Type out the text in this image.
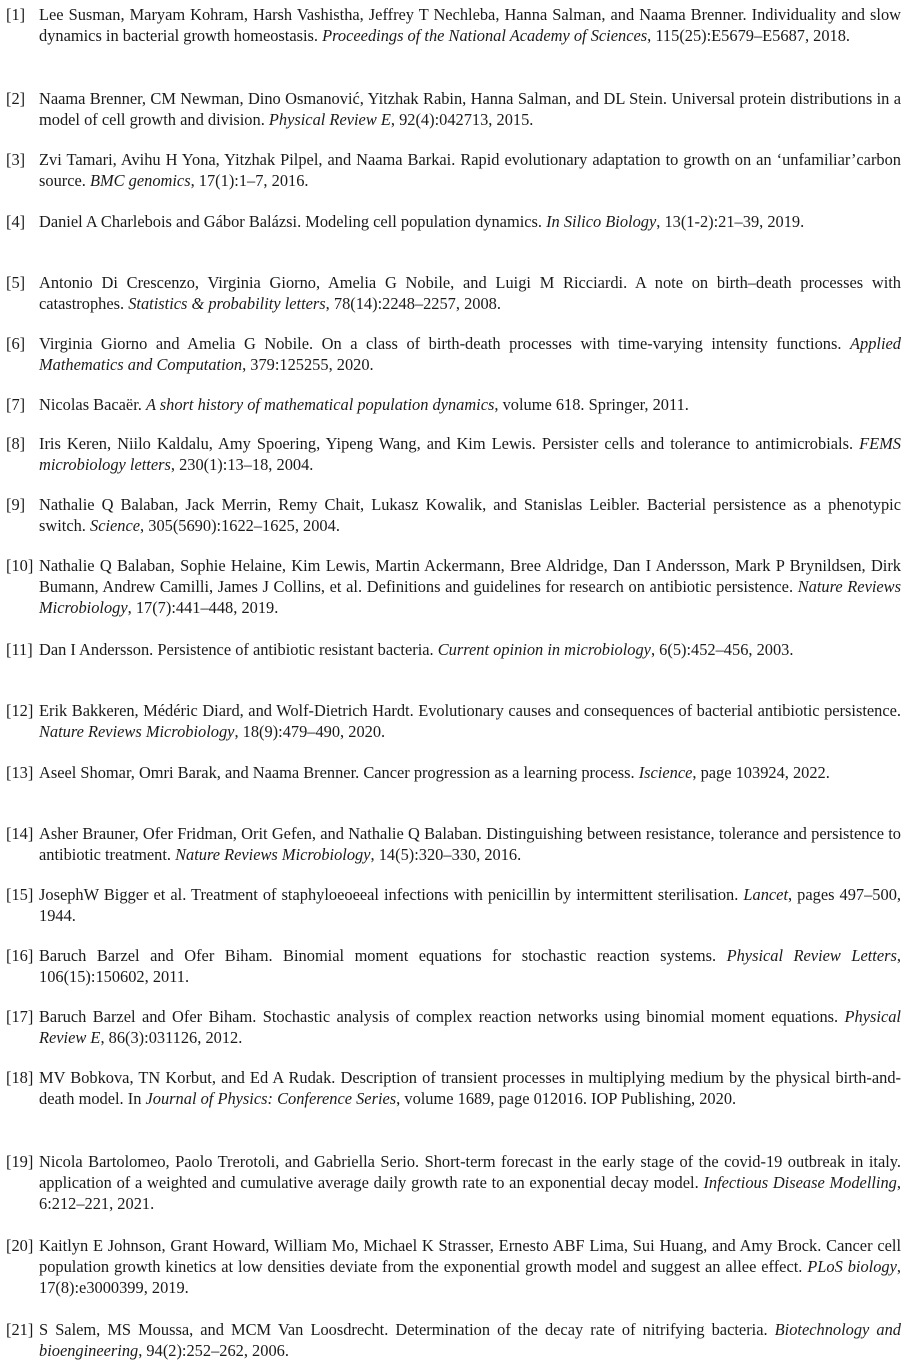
[1] Lee Susman, Maryam Kohram, Harsh Vashistha, Jeffrey T Nechleba, Hanna Salman, and Naama Brenner. Individuality and slow dynamics in bacterial growth homeostasis. Proceedings of the National Academy of Sciences, 115(25):E5679–E5687, 2018.
[2] Naama Brenner, CM Newman, Dino Osmanović, Yitzhak Rabin, Hanna Salman, and DL Stein. Universal protein distributions in a model of cell growth and division. Physical Review E, 92(4):042713, 2015.
[3] Zvi Tamari, Avihu H Yona, Yitzhak Pilpel, and Naama Barkai. Rapid evolutionary adaptation to growth on an ‘unfamiliar’carbon source. BMC genomics, 17(1):1–7, 2016.
[4] Daniel A Charlebois and Gábor Balázsi. Modeling cell population dynamics. In Silico Biology, 13(1-2):21–39, 2019.
[5] Antonio Di Crescenzo, Virginia Giorno, Amelia G Nobile, and Luigi M Ricciardi. A note on birth–death processes with catastrophes. Statistics & probability letters, 78(14):2248–2257, 2008.
[6] Virginia Giorno and Amelia G Nobile. On a class of birth-death processes with time-varying intensity functions. Applied Mathematics and Computation, 379:125255, 2020.
[7] Nicolas Bacaër. A short history of mathematical population dynamics, volume 618. Springer, 2011.
[8] Iris Keren, Niilo Kaldalu, Amy Spoering, Yipeng Wang, and Kim Lewis. Persister cells and tolerance to antimicrobials. FEMS microbiology letters, 230(1):13–18, 2004.
[9] Nathalie Q Balaban, Jack Merrin, Remy Chait, Lukasz Kowalik, and Stanislas Leibler. Bacterial persistence as a phenotypic switch. Science, 305(5690):1622–1625, 2004.
[10] Nathalie Q Balaban, Sophie Helaine, Kim Lewis, Martin Ackermann, Bree Aldridge, Dan I Andersson, Mark P Brynildsen, Dirk Bumann, Andrew Camilli, James J Collins, et al. Definitions and guidelines for research on antibiotic persistence. Nature Reviews Microbiology, 17(7):441–448, 2019.
[11] Dan I Andersson. Persistence of antibiotic resistant bacteria. Current opinion in microbiology, 6(5):452–456, 2003.
[12] Erik Bakkeren, Médéric Diard, and Wolf-Dietrich Hardt. Evolutionary causes and consequences of bacterial antibiotic persistence. Nature Reviews Microbiology, 18(9):479–490, 2020.
[13] Aseel Shomar, Omri Barak, and Naama Brenner. Cancer progression as a learning process. Iscience, page 103924, 2022.
[14] Asher Brauner, Ofer Fridman, Orit Gefen, and Nathalie Q Balaban. Distinguishing between resistance, tolerance and persistence to antibiotic treatment. Nature Reviews Microbiology, 14(5):320–330, 2016.
[15] JosephW Bigger et al. Treatment of staphyloeoeeal infections with penicillin by intermittent sterilisation. Lancet, pages 497–500, 1944.
[16] Baruch Barzel and Ofer Biham. Binomial moment equations for stochastic reaction systems. Physical Review Letters, 106(15):150602, 2011.
[17] Baruch Barzel and Ofer Biham. Stochastic analysis of complex reaction networks using binomial moment equations. Physical Review E, 86(3):031126, 2012.
[18] MV Bobkova, TN Korbut, and Ed A Rudak. Description of transient processes in multiplying medium by the physical birth-and-death model. In Journal of Physics: Conference Series, volume 1689, page 012016. IOP Publishing, 2020.
[19] Nicola Bartolomeo, Paolo Trerotoli, and Gabriella Serio. Short-term forecast in the early stage of the covid-19 outbreak in italy. application of a weighted and cumulative average daily growth rate to an exponential decay model. Infectious Disease Modelling, 6:212–221, 2021.
[20] Kaitlyn E Johnson, Grant Howard, William Mo, Michael K Strasser, Ernesto ABF Lima, Sui Huang, and Amy Brock. Cancer cell population growth kinetics at low densities deviate from the exponential growth model and suggest an allee effect. PLoS biology, 17(8):e3000399, 2019.
[21] S Salem, MS Moussa, and MCM Van Loosdrecht. Determination of the decay rate of nitrifying bacteria. Biotechnology and bioengineering, 94(2):252–262, 2006.
